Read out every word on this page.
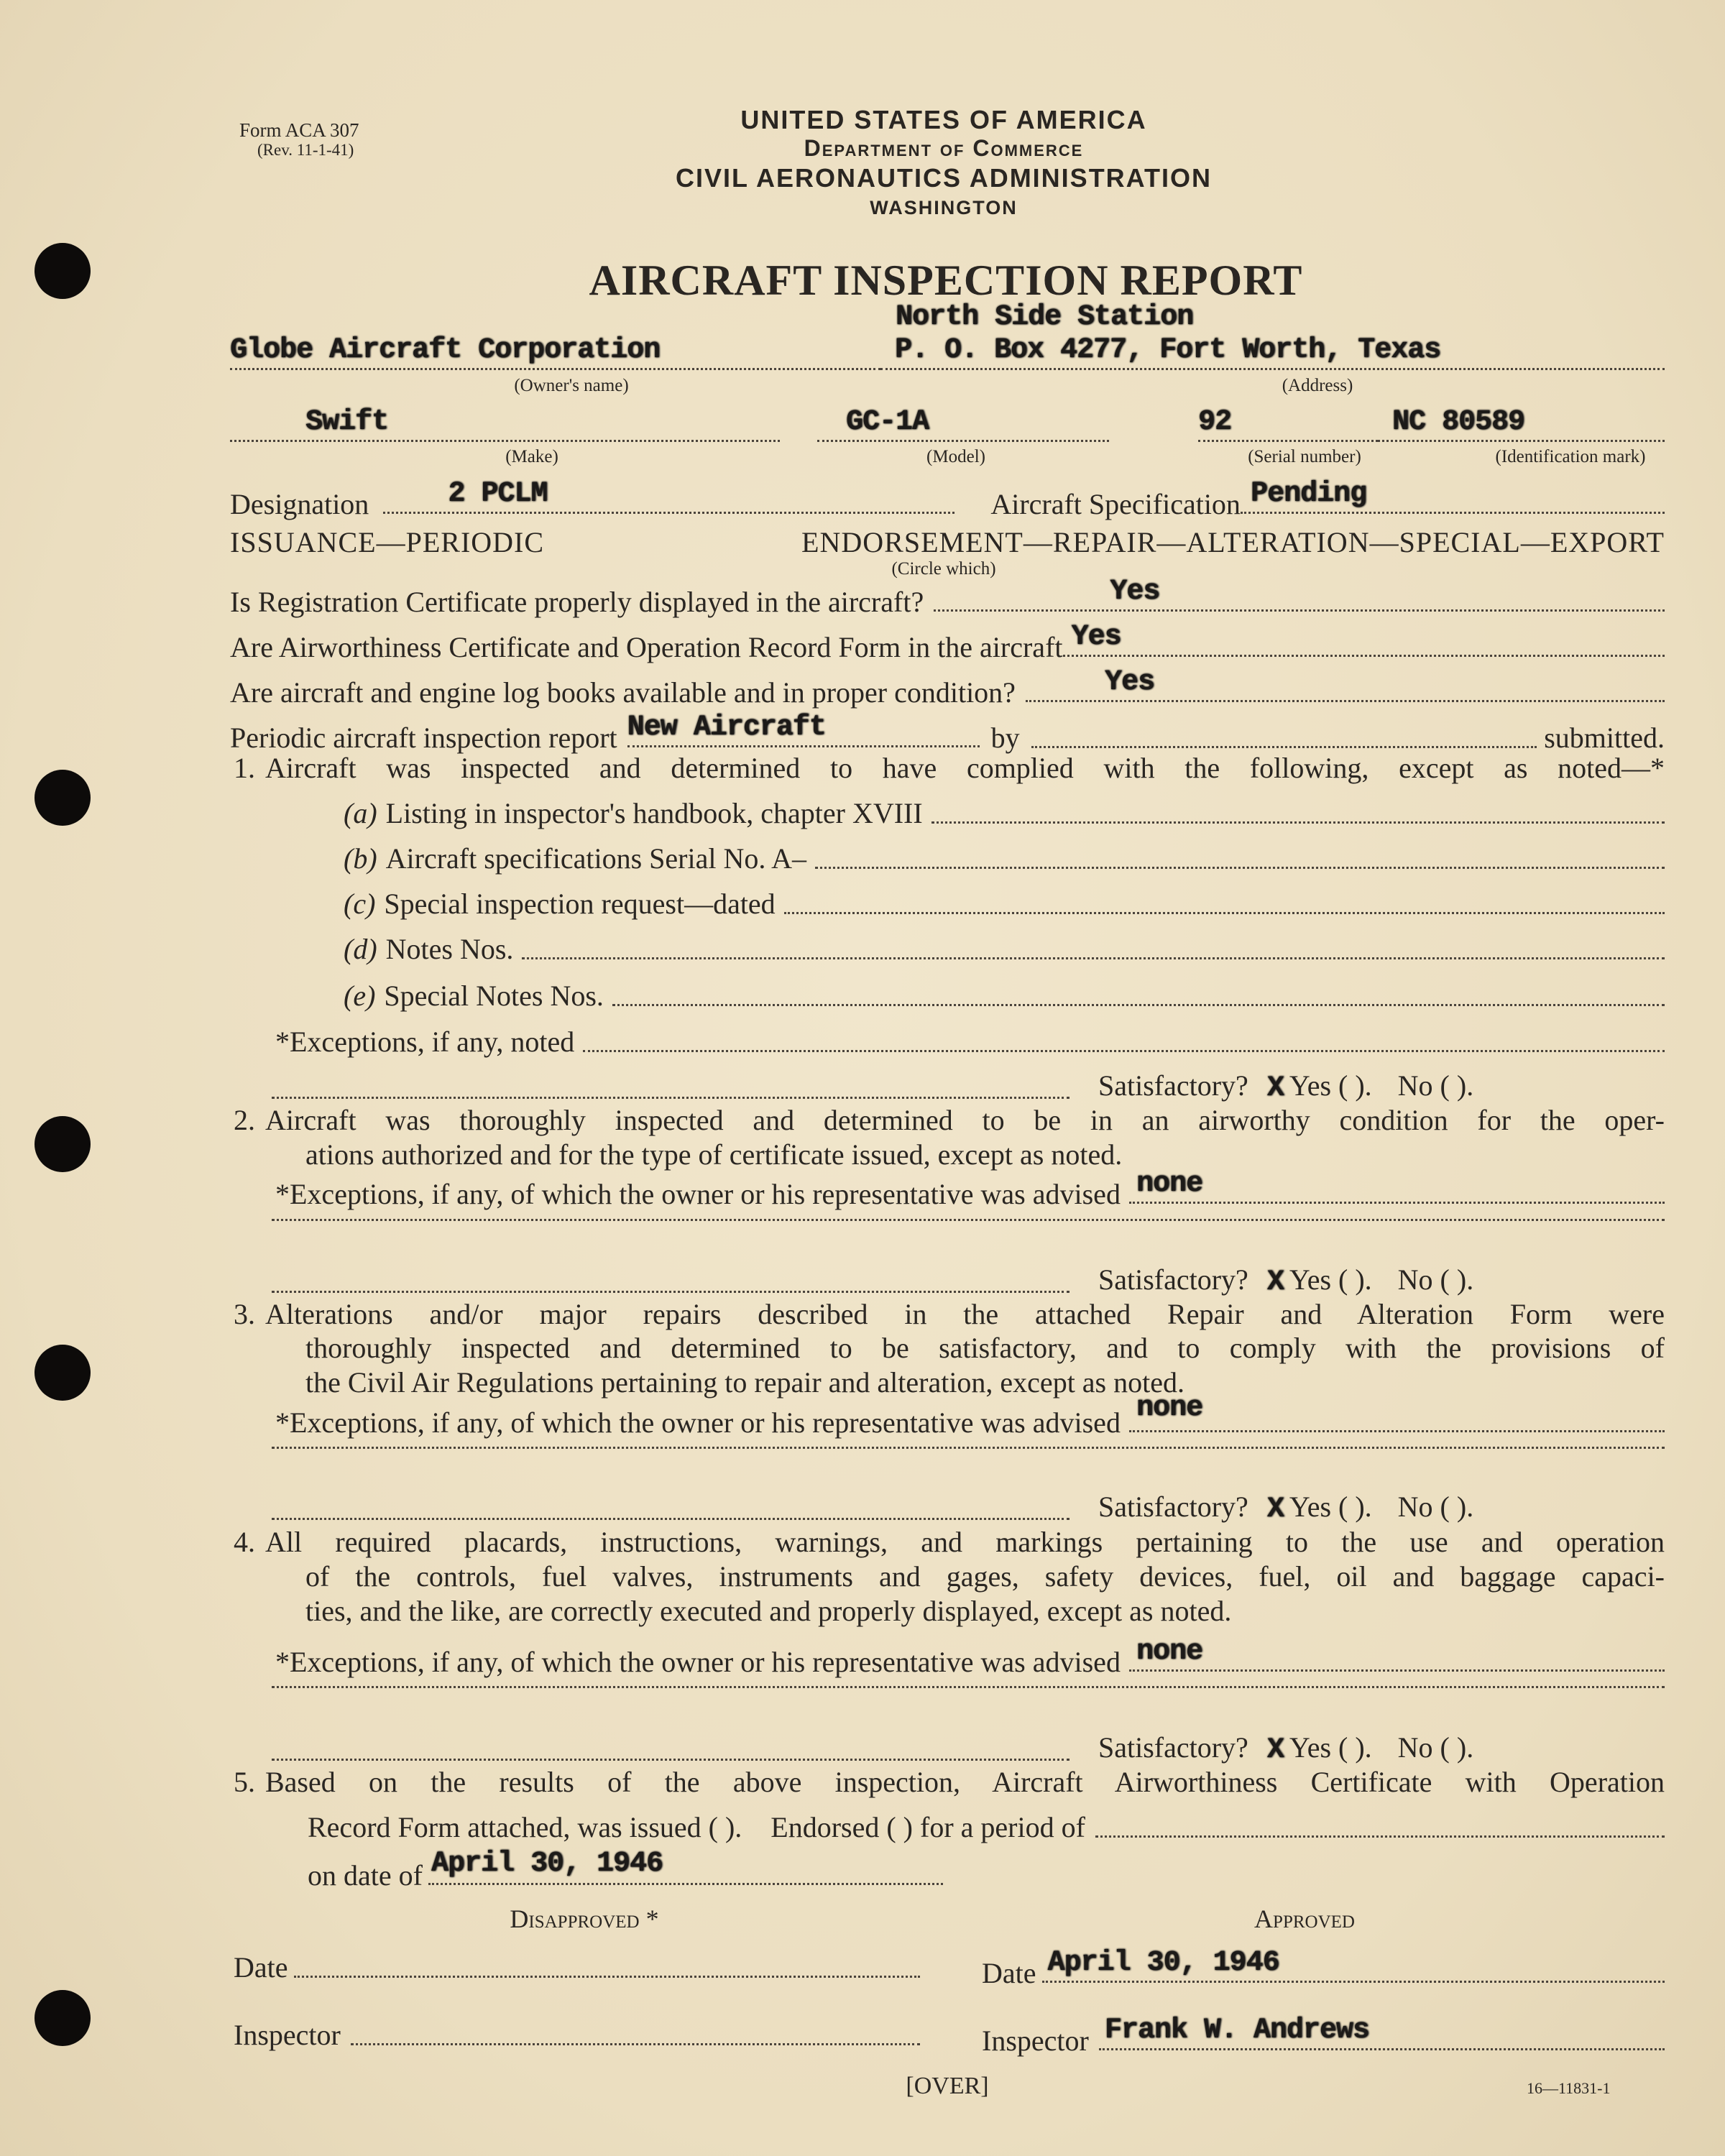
Form ACA 307
(Rev. 11-1-41)
UNITED STATES OF AMERICA
Department of Commerce
CIVIL AERONAUTICS ADMINISTRATION
WASHINGTON
AIRCRAFT INSPECTION REPORT
North Side Station
Globe Aircraft Corporation	P. O. Box 4277, Fort Worth, Texas
(Owner's name)	(Address)
Swift	GC-1A	92	NC 80589
(Make)	(Model)	(Serial number)	(Identification mark)
Designation	2 PCLM	Aircraft Specification Pending
ISSUANCE—PERIODIC ENDORSEMENT—REPAIR—ALTERATION—SPECIAL—EXPORT
(Circle which)
Is Registration Certificate properly displayed in the aircraft?	Yes
Are Airworthiness Certificate and Operation Record Form in the aircraft Yes
Are aircraft and engine log books available and in proper condition?	Yes
Periodic aircraft inspection report New Aircraft	by	submitted.
1. Aircraft was inspected and determined to have complied with the following, except as noted—*
(a) Listing in inspector's handbook, chapter XVIII
(b) Aircraft specifications Serial No. A–
(c) Special inspection request—dated
(d) Notes Nos.
(e) Special Notes Nos.
*Exceptions, if any, noted
Satisfactory? X Yes ( ). No ( ).
2. Aircraft was thoroughly inspected and determined to be in an airworthy condition for the oper-
ations authorized and for the type of certificate issued, except as noted.
*Exceptions, if any, of which the owner or his representative was advised none
Satisfactory? X Yes ( ). No ( ).
3. Alterations and/or major repairs described in the attached Repair and Alteration Form were
thoroughly inspected and determined to be satisfactory, and to comply with the provisions of
the Civil Air Regulations pertaining to repair and alteration, except as noted.
*Exceptions, if any, of which the owner or his representative was advised none
Satisfactory? X Yes ( ). No ( ).
4. All required placards, instructions, warnings, and markings pertaining to the use and operation
of the controls, fuel valves, instruments and gages, safety devices, fuel, oil and baggage capaci-
ties, and the like, are correctly executed and properly displayed, except as noted.
*Exceptions, if any, of which the owner or his representative was advised none
Satisfactory? X Yes ( ). No ( ).
5. Based on the results of the above inspection, Aircraft Airworthiness Certificate with Operation
Record Form attached, was issued ( ). Endorsed ( ) for a period of
on date of April 30, 1946
Disapproved *	Approved
Date	Date April 30, 1946
Inspector	Inspector Frank W. Andrews
[OVER]	16—11831-1
